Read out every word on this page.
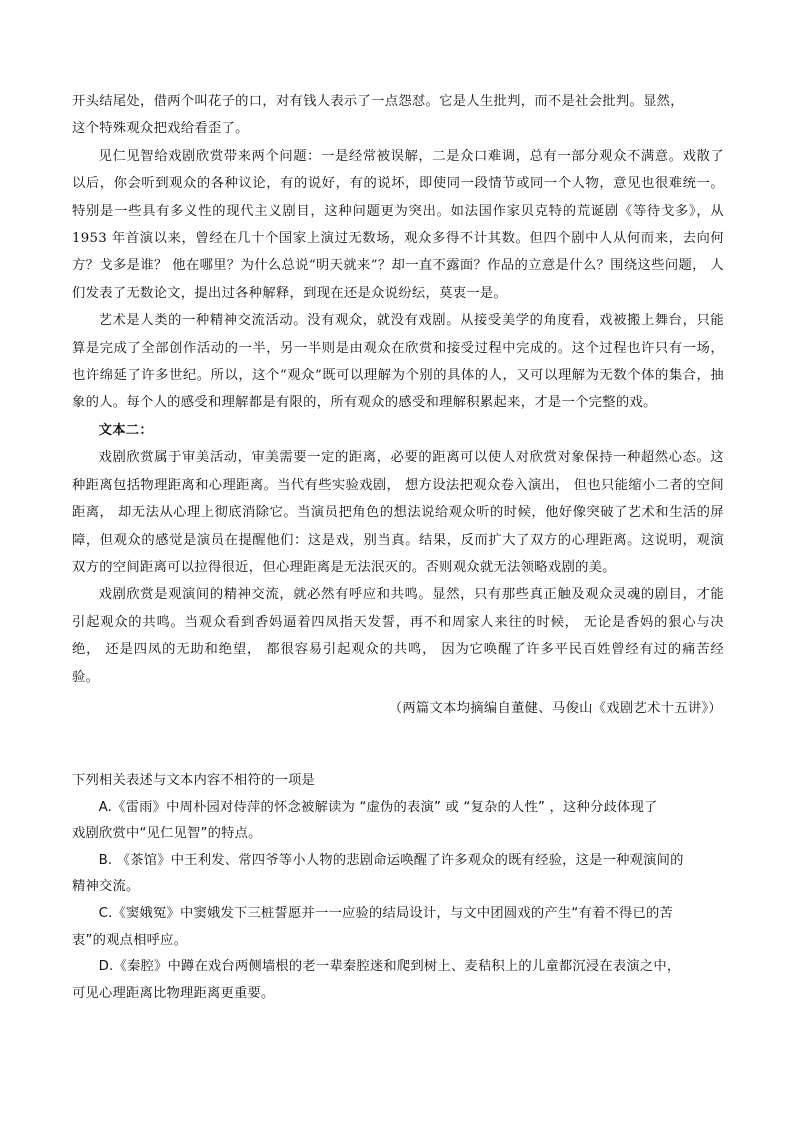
开头结尾处，借两个叫花子的口，对有钱人表示了一点怨怼。它是人生批判，而不是社会批判。显然，
这个特殊观众把戏给看歪了。

见仁见智给戏剧欣赏带来两个问题：一是经常被误解，二是众口难调，总有一部分观众不满意。戏散了以后，你会听到观众的各种议论，有的说好，有的说坏，即使同一段情节或同一个人物，意见也很难统一。特别是一些具有多义性的现代主义剧目，这种问题更为突出。如法国作家贝克特的荒诞剧《等待戈多》，从 1953 年首演以来，曾经在几十个国家上演过无数场，观众多得不计其数。但四个剧中人从何而来，去向何方？戈多是谁？ 他在哪里？为什么总说“明天就来”？却一直不露面？作品的立意是什么？围绕这些问题， 人们发表了无数论文，提出过各种解释，到现在还是众说纷纭，莫衷一是。

艺术是人类的一种精神交流活动。没有观众，就没有戏剧。从接受美学的角度看，戏被搬上舞台，只能算是完成了全部创作活动的一半，另一半则是由观众在欣赏和接受过程中完成的。这个过程也许只有一场，也许绵延了许多世纪。所以，这个“观众”既可以理解为个别的具体的人，又可以理解为无数个体的集合，抽象的人。每个人的感受和理解都是有限的，所有观众的感受和理解积累起来，才是一个完整的戏。

文本二：

戏剧欣赏属于审美活动，审美需要一定的距离，必要的距离可以使人对欣赏对象保持一种超然心态。这种距离包括物理距离和心理距离。当代有些实验戏剧， 想方设法把观众卷入演出， 但也只能缩小二者的空间距离， 却无法从心理上彻底消除它。当演员把角色的想法说给观众听的时候，他好像突破了艺术和生活的屏障，但观众的感觉是演员在提醒他们：这是戏，别当真。结果，反而扩大了双方的心理距离。这说明，观演双方的空间距离可以拉得很近，但心理距离是无法泯灭的。否则观众就无法领略戏剧的美。

戏剧欣赏是观演间的精神交流，就必然有呼应和共鸣。显然，只有那些真正触及观众灵魂的剧目，才能引起观众的共鸣。当观众看到香妈逼着四凤指天发誓，再不和周家人来往的时候， 无论是香妈的狠心与决绝， 还是四凤的无助和绝望， 都很容易引起观众的共鸣， 因为它唤醒了许多平民百姓曾经有过的痛苦经验。

（两篇文本均摘编自董健、马俊山《戏剧艺术十五讲》）

下列相关表述与文本内容不相符的一项是

A.《雷雨》中周朴园对侍萍的怀念被解读为 “虚伪的表演” 或 “复杂的人性” ，这种分歧体现了

戏剧欣赏中“见仁见智”的特点。

B. 《茶馆》中王利发、常四爷等小人物的悲剧命运唤醒了许多观众的既有经验，这是一种观演间的

精神交流。

C.《窦娥冤》中窦娥发下三桩誓愿并一一应验的结局设计，与文中团圆戏的产生“有着不得已的苦

衷”的观点相呼应。

D.《秦腔》中蹲在戏台两侧墙根的老一辈秦腔迷和爬到树上、麦秸积上的儿童都沉浸在表演之中，

可见心理距离比物理距离更重要。
